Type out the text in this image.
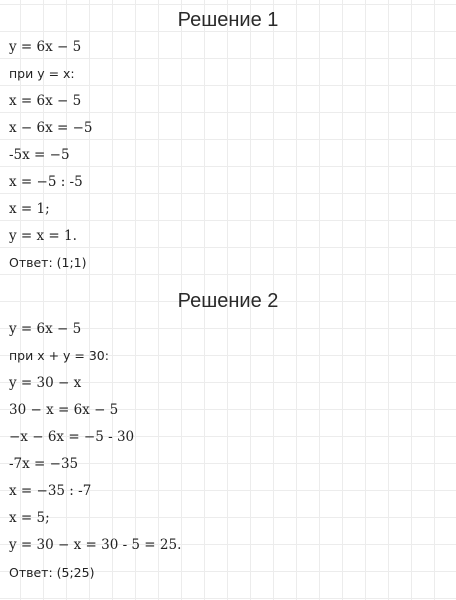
Решение 1

y = 6x − 5

при y = x:

x = 6x − 5

x − 6x = −5

-5x = −5

x = −5 : -5

x = 1;

y = x = 1.

Ответ: (1;1)

Решение 2

y = 6x − 5

при x + y = 30:

y = 30 − x

30 − x = 6x − 5

−x − 6x = −5 - 30

-7x = −35

x = −35 : -7

x = 5;

y = 30 − x = 30 - 5 = 25.

Ответ: (5;25)
